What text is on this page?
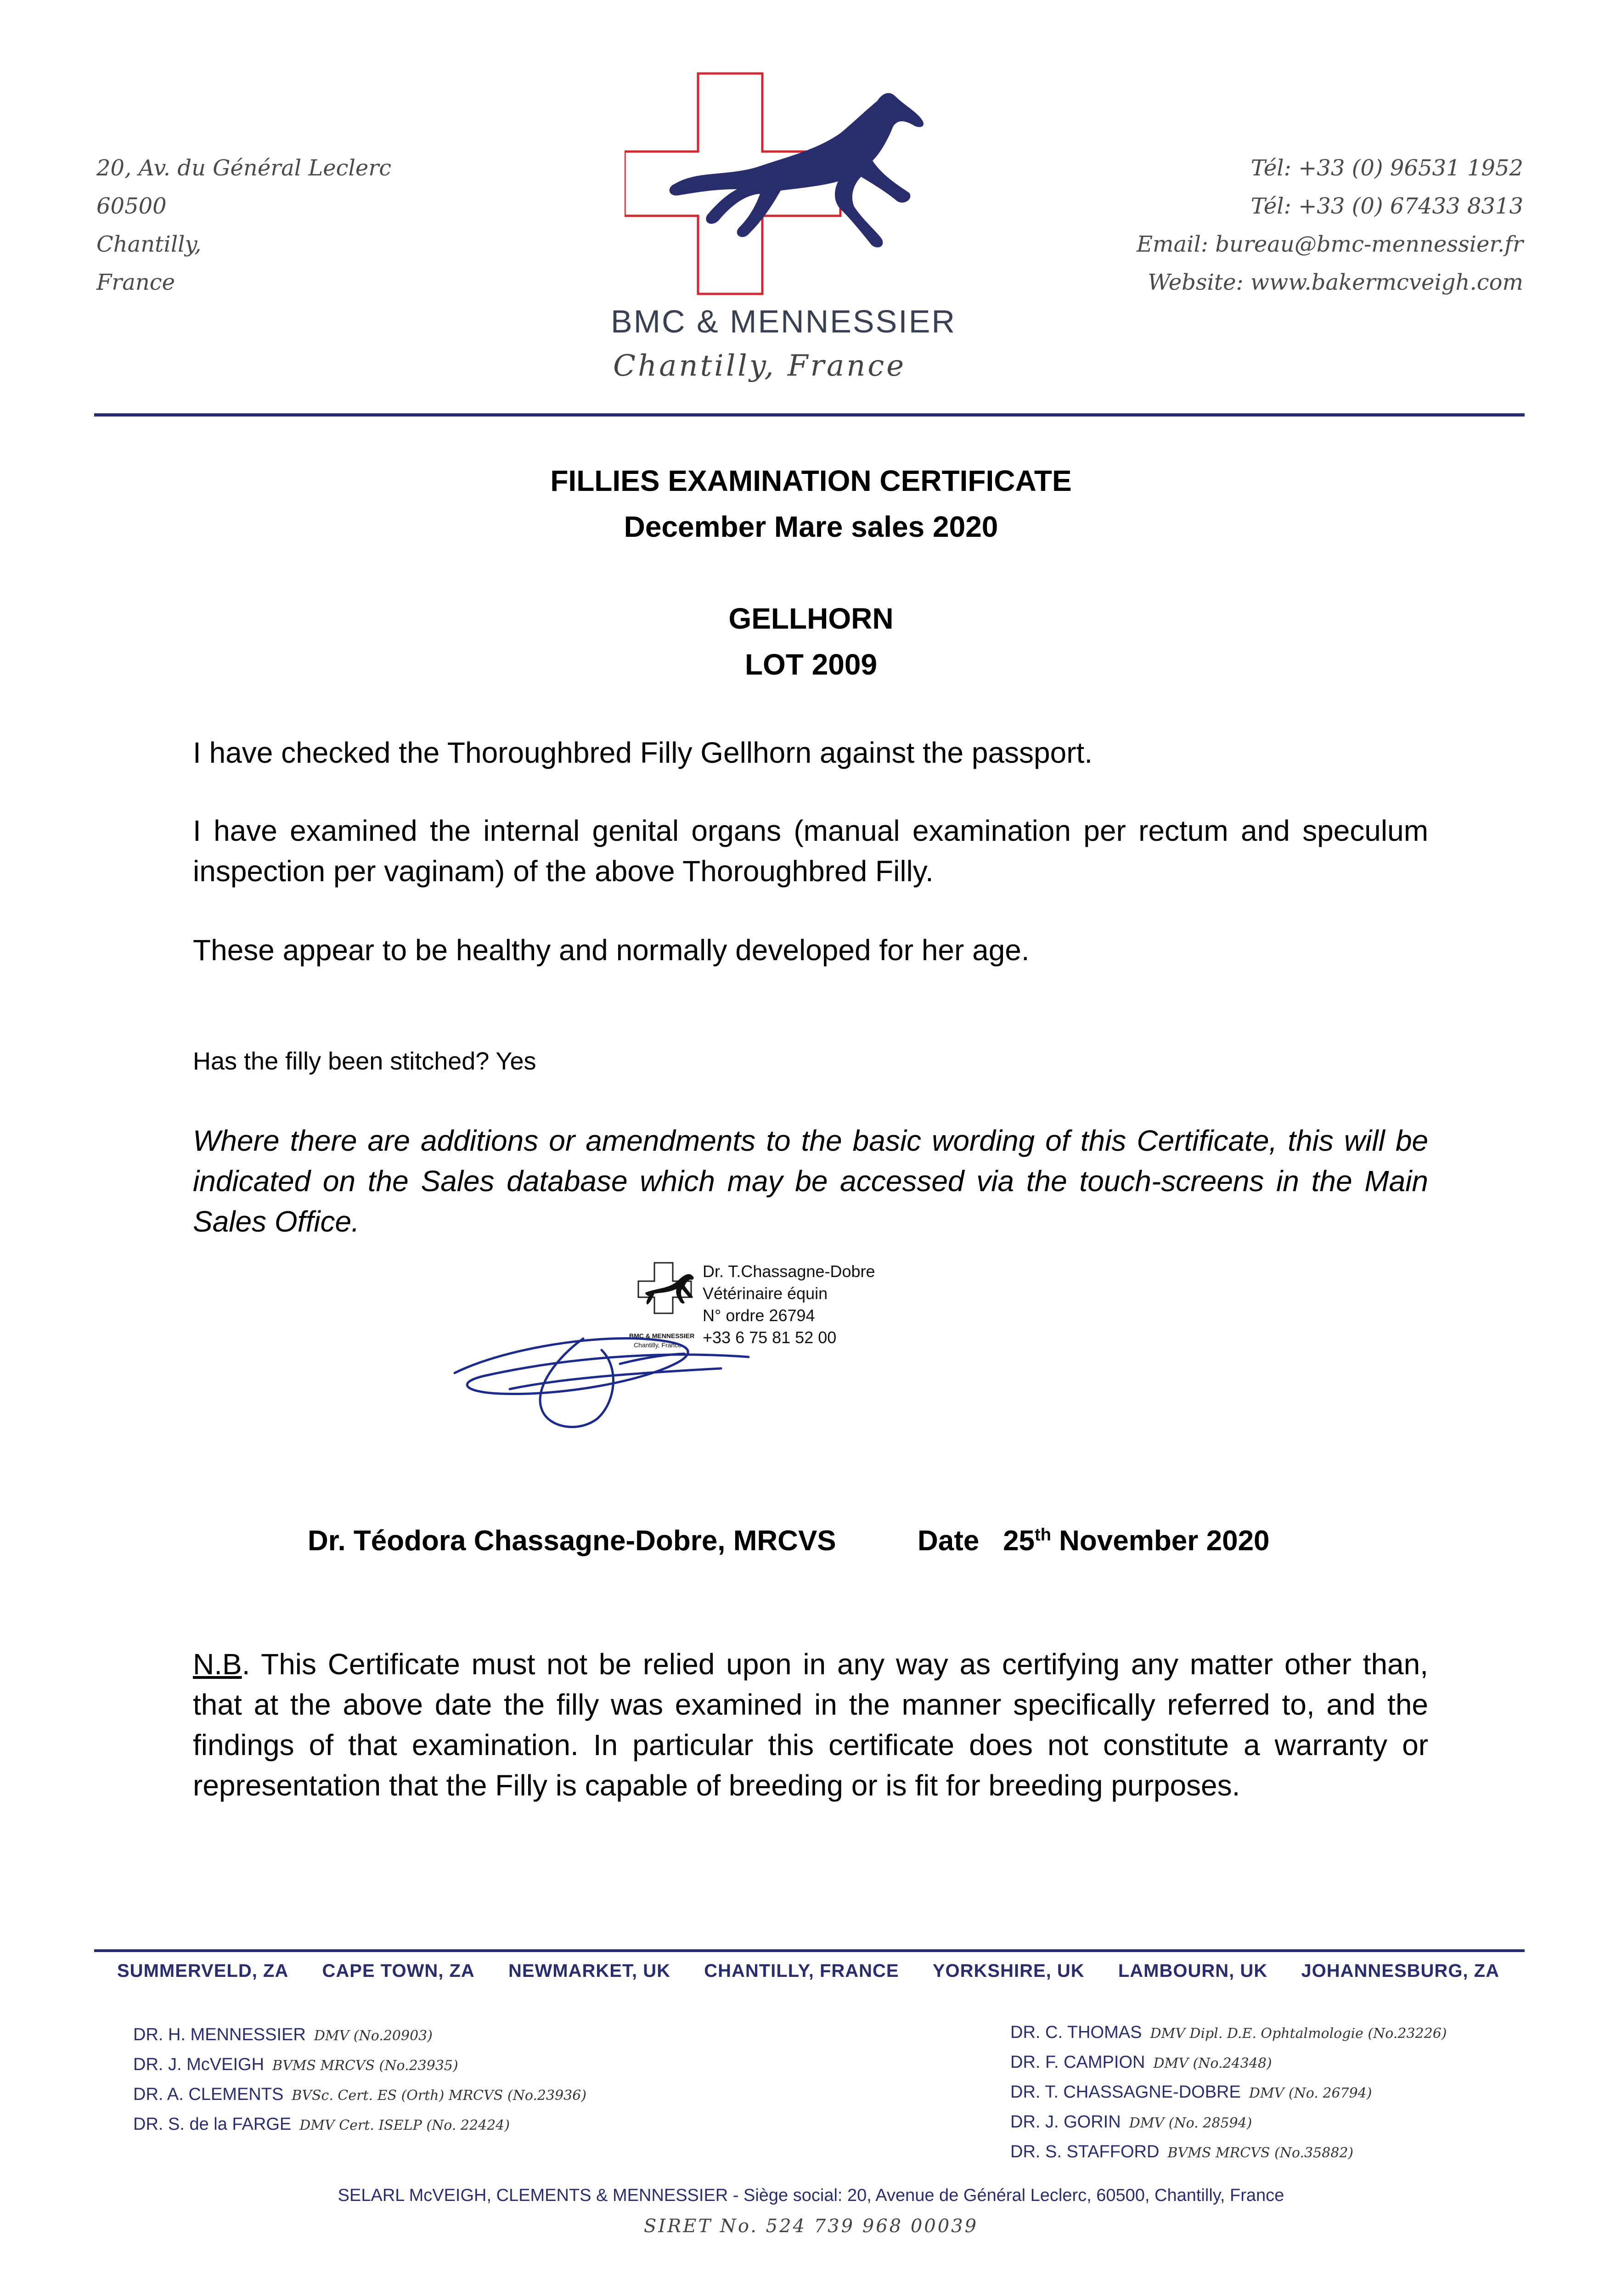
20, Av. du Général Leclerc
60500
Chantilly,
France
Tél: +33 (0) 96531 1952
Tél: +33 (0) 67433 8313
Email: bureau@bmc-mennessier.fr
Website: www.bakermcveigh.com
BMC & MENNESSIER
Chantilly, France
FILLIES EXAMINATION CERTIFICATE
December Mare sales 2020
GELLHORN
LOT 2009
I have checked the Thoroughbred Filly Gellhorn against the passport.
I have examined the internal genital organs (manual examination per rectum and speculum inspection per vaginam) of the above Thoroughbred Filly.
These appear to be healthy and normally developed for her age.
Has the filly been stitched? Yes
Where there are additions or amendments to the basic wording of this Certificate, this will be indicated on the Sales database which may be accessed via the touch-screens in the Main Sales Office.
BMC & MENNESSIER
Chantilly, France
Dr. T.Chassagne-Dobre
Vétérinaire équin
N° ordre 26794
+33 6 75 81 52 00
Dr. Téodora Chassagne-Dobre, MRCVS	Date 25th November 2020
N.B. This Certificate must not be relied upon in any way as certifying any matter other than, that at the above date the filly was examined in the manner specifically referred to, and the findings of that examination. In particular this certificate does not constitute a warranty or representation that the Filly is capable of breeding or is fit for breeding purposes.
SUMMERVELD, ZA CAPE TOWN, ZA NEWMARKET, UK CHANTILLY, FRANCE YORKSHIRE, UK LAMBOURN, UK JOHANNESBURG, ZA
DR. H. MENNESSIER DMV (No.20903)
DR. J. McVEIGH BVMS MRCVS (No.23935)
DR. A. CLEMENTS BVSc. Cert. ES (Orth) MRCVS (No.23936)
DR. S. de la FARGE DMV Cert. ISELP (No. 22424)
DR. C. THOMAS DMV Dipl. D.E. Ophtalmologie (No.23226)
DR. F. CAMPION DMV (No.24348)
DR. T. CHASSAGNE-DOBRE DMV (No. 26794)
DR. J. GORIN DMV (No. 28594)
DR. S. STAFFORD BVMS MRCVS (No.35882)
SELARL McVEIGH, CLEMENTS & MENNESSIER - Siège social: 20, Avenue de Général Leclerc, 60500, Chantilly, France
SIRET No. 524 739 968 00039
